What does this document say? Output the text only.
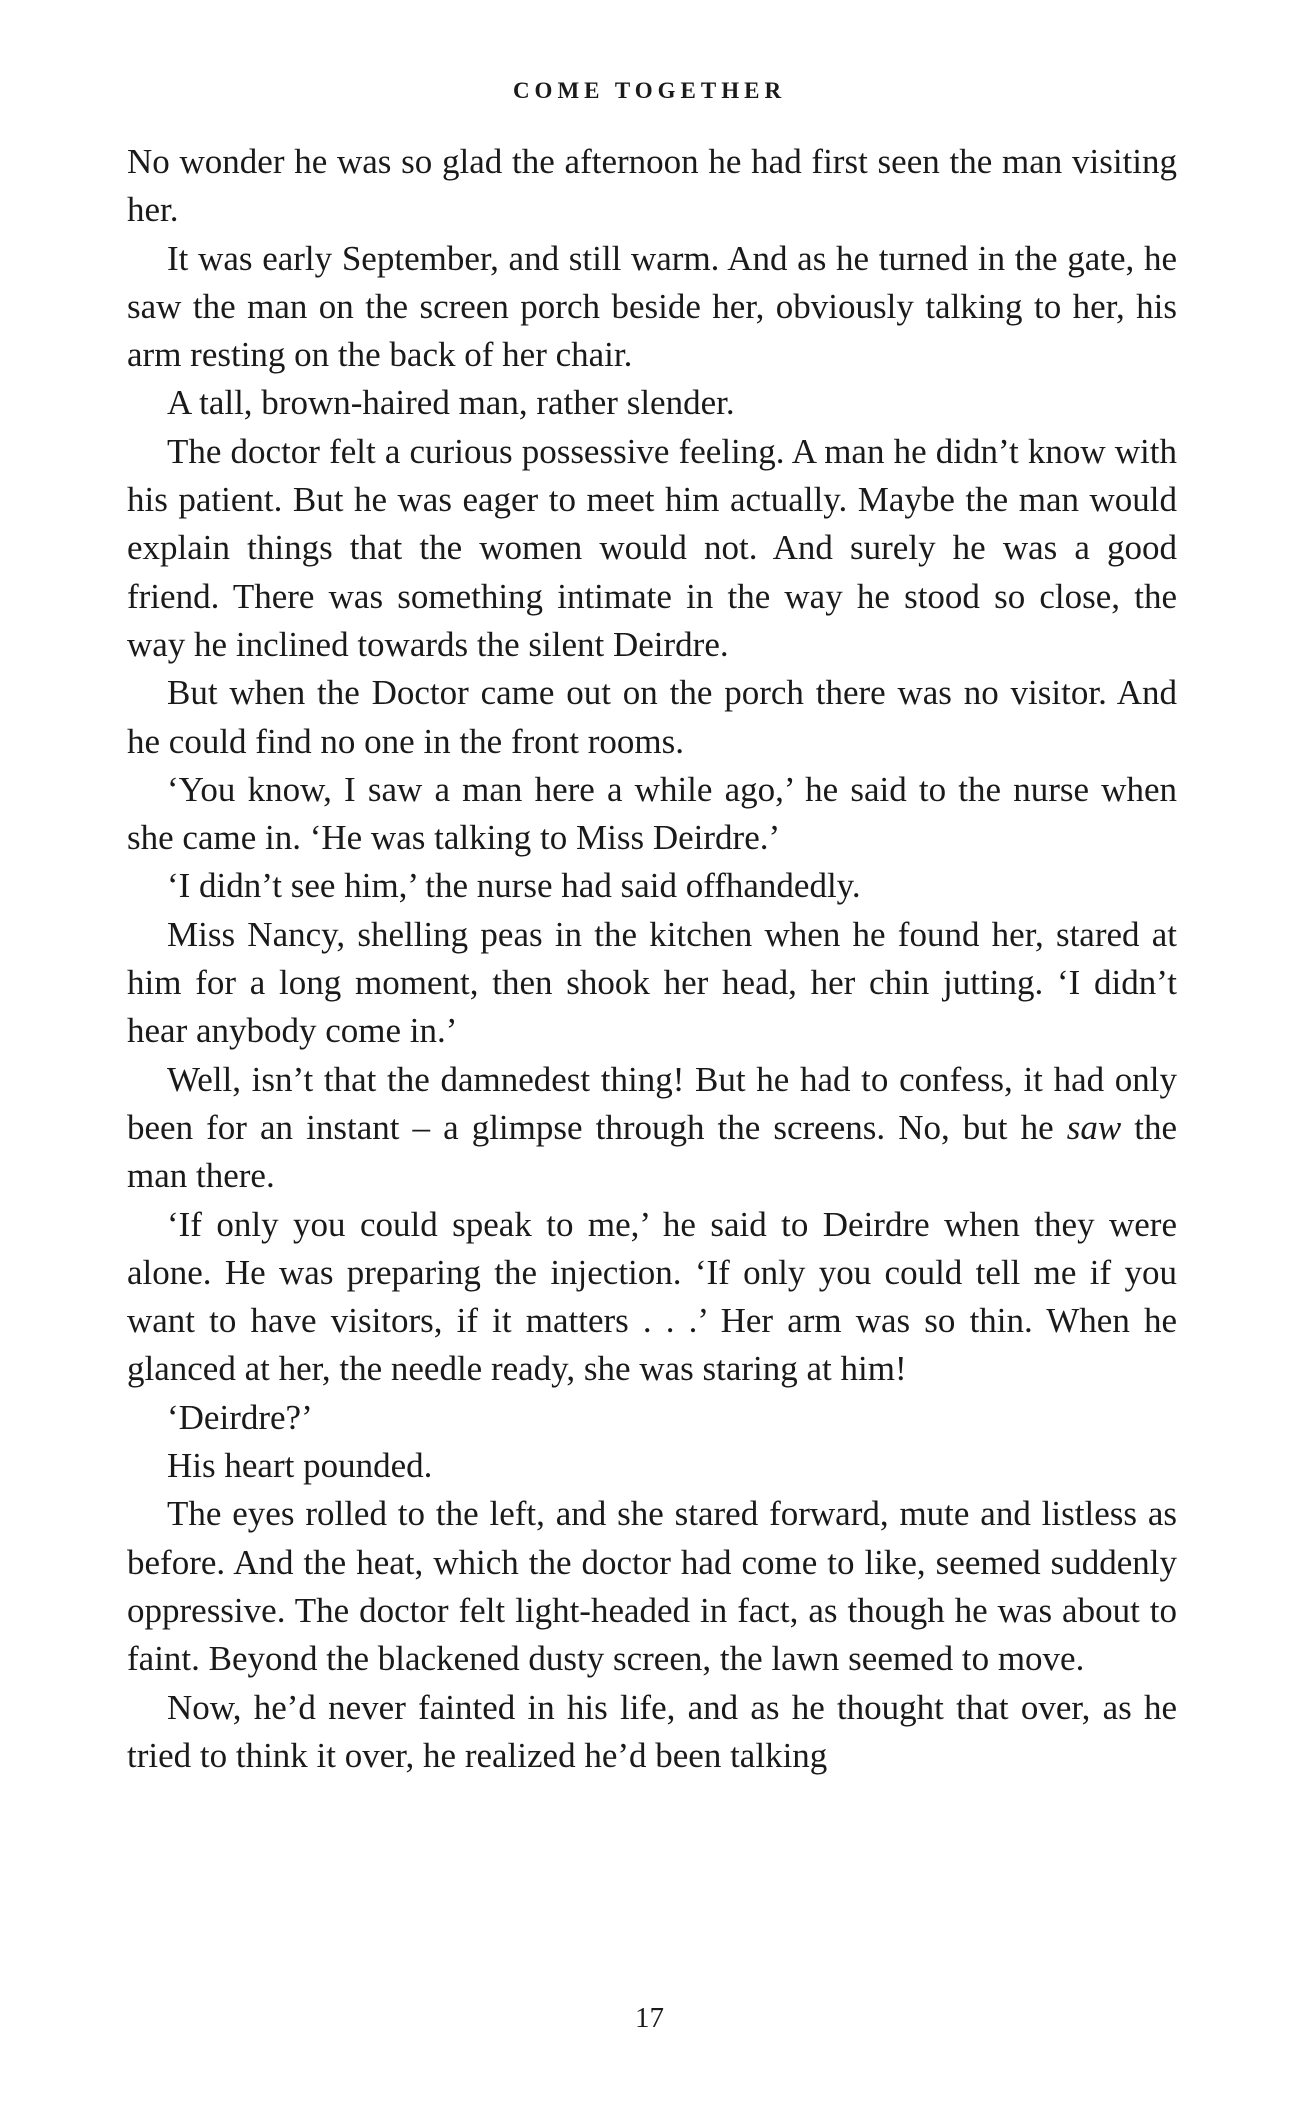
COME TOGETHER

No wonder he was so glad the afternoon he had first seen the man visiting her.

It was early September, and still warm. And as he turned in the gate, he saw the man on the screen porch beside her, obviously talking to her, his arm resting on the back of her chair.

A tall, brown-haired man, rather slender.

The doctor felt a curious possessive feeling. A man he didn’t know with his patient. But he was eager to meet him actually. Maybe the man would explain things that the women would not. And surely he was a good friend. There was something intimate in the way he stood so close, the way he inclined towards the silent Deirdre.

But when the Doctor came out on the porch there was no visitor. And he could find no one in the front rooms.

‘You know, I saw a man here a while ago,’ he said to the nurse when she came in. ‘He was talking to Miss Deirdre.’

‘I didn’t see him,’ the nurse had said offhandedly.

Miss Nancy, shelling peas in the kitchen when he found her, stared at him for a long moment, then shook her head, her chin jutting. ‘I didn’t hear anybody come in.’

Well, isn’t that the damnedest thing! But he had to confess, it had only been for an instant – a glimpse through the screens. No, but he saw the man there.

‘If only you could speak to me,’ he said to Deirdre when they were alone. He was preparing the injection. ‘If only you could tell me if you want to have visitors, if it matters . . .’ Her arm was so thin. When he glanced at her, the needle ready, she was staring at him!

‘Deirdre?’

His heart pounded.

The eyes rolled to the left, and she stared forward, mute and listless as before. And the heat, which the doctor had come to like, seemed suddenly oppressive. The doctor felt light-headed in fact, as though he was about to faint. Beyond the blackened dusty screen, the lawn seemed to move.

Now, he’d never fainted in his life, and as he thought that over, as he tried to think it over, he realized he’d been talking

17
